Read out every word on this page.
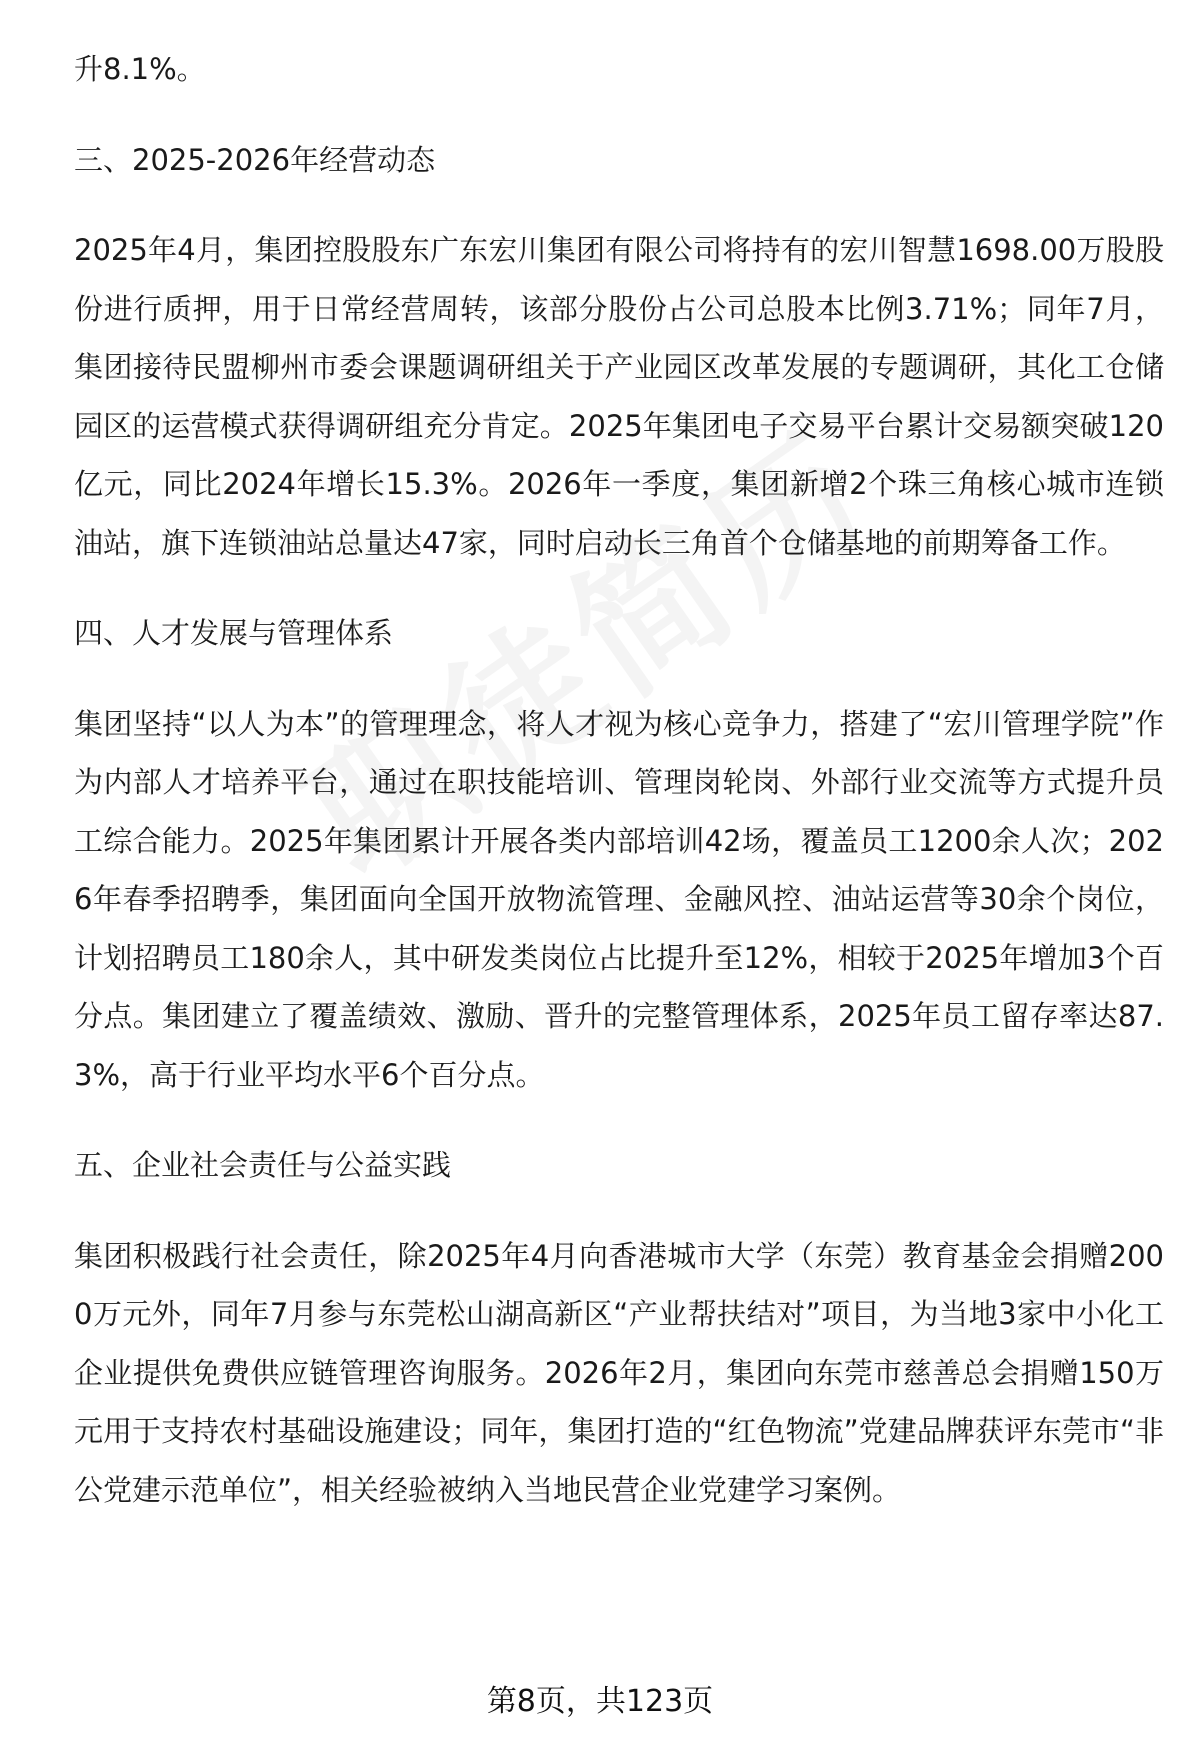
升8.1%。

三、2025-2026年经营动态

2025年4月，集团控股股东广东宏川集团有限公司将持有的宏川智慧1698.00万股股份进行质押，用于日常经营周转，该部分股份占公司总股本比例3.71%；同年7月，集团接待民盟柳州市委会课题调研组关于产业园区改革发展的专题调研，其化工仓储园区的运营模式获得调研组充分肯定。2025年集团电子交易平台累计交易额突破120亿元，同比2024年增长15.3%。2026年一季度，集团新增2个珠三角核心城市连锁油站，旗下连锁油站总量达47家，同时启动长三角首个仓储基地的前期筹备工作。

四、人才发展与管理体系

集团坚持“以人为本”的管理理念，将人才视为核心竞争力，搭建了“宏川管理学院”作为内部人才培养平台，通过在职技能培训、管理岗轮岗、外部行业交流等方式提升员工综合能力。2025年集团累计开展各类内部培训42场，覆盖员工1200余人次；2026年春季招聘季，集团面向全国开放物流管理、金融风控、油站运营等30余个岗位，计划招聘员工180余人，其中研发类岗位占比提升至12%，相较于2025年增加3个百分点。集团建立了覆盖绩效、激励、晋升的完整管理体系，2025年员工留存率达87.3%，高于行业平均水平6个百分点。

五、企业社会责任与公益实践

集团积极践行社会责任，除2025年4月向香港城市大学（东莞）教育基金会捐赠2000万元外，同年7月参与东莞松山湖高新区“产业帮扶结对”项目，为当地3家中小化工企业提供免费供应链管理咨询服务。2026年2月，集团向东莞市慈善总会捐赠150万元用于支持农村基础设施建设；同年，集团打造的“红色物流”党建品牌获评东莞市“非公党建示范单位”，相关经验被纳入当地民营企业党建学习案例。

第8页，共123页
